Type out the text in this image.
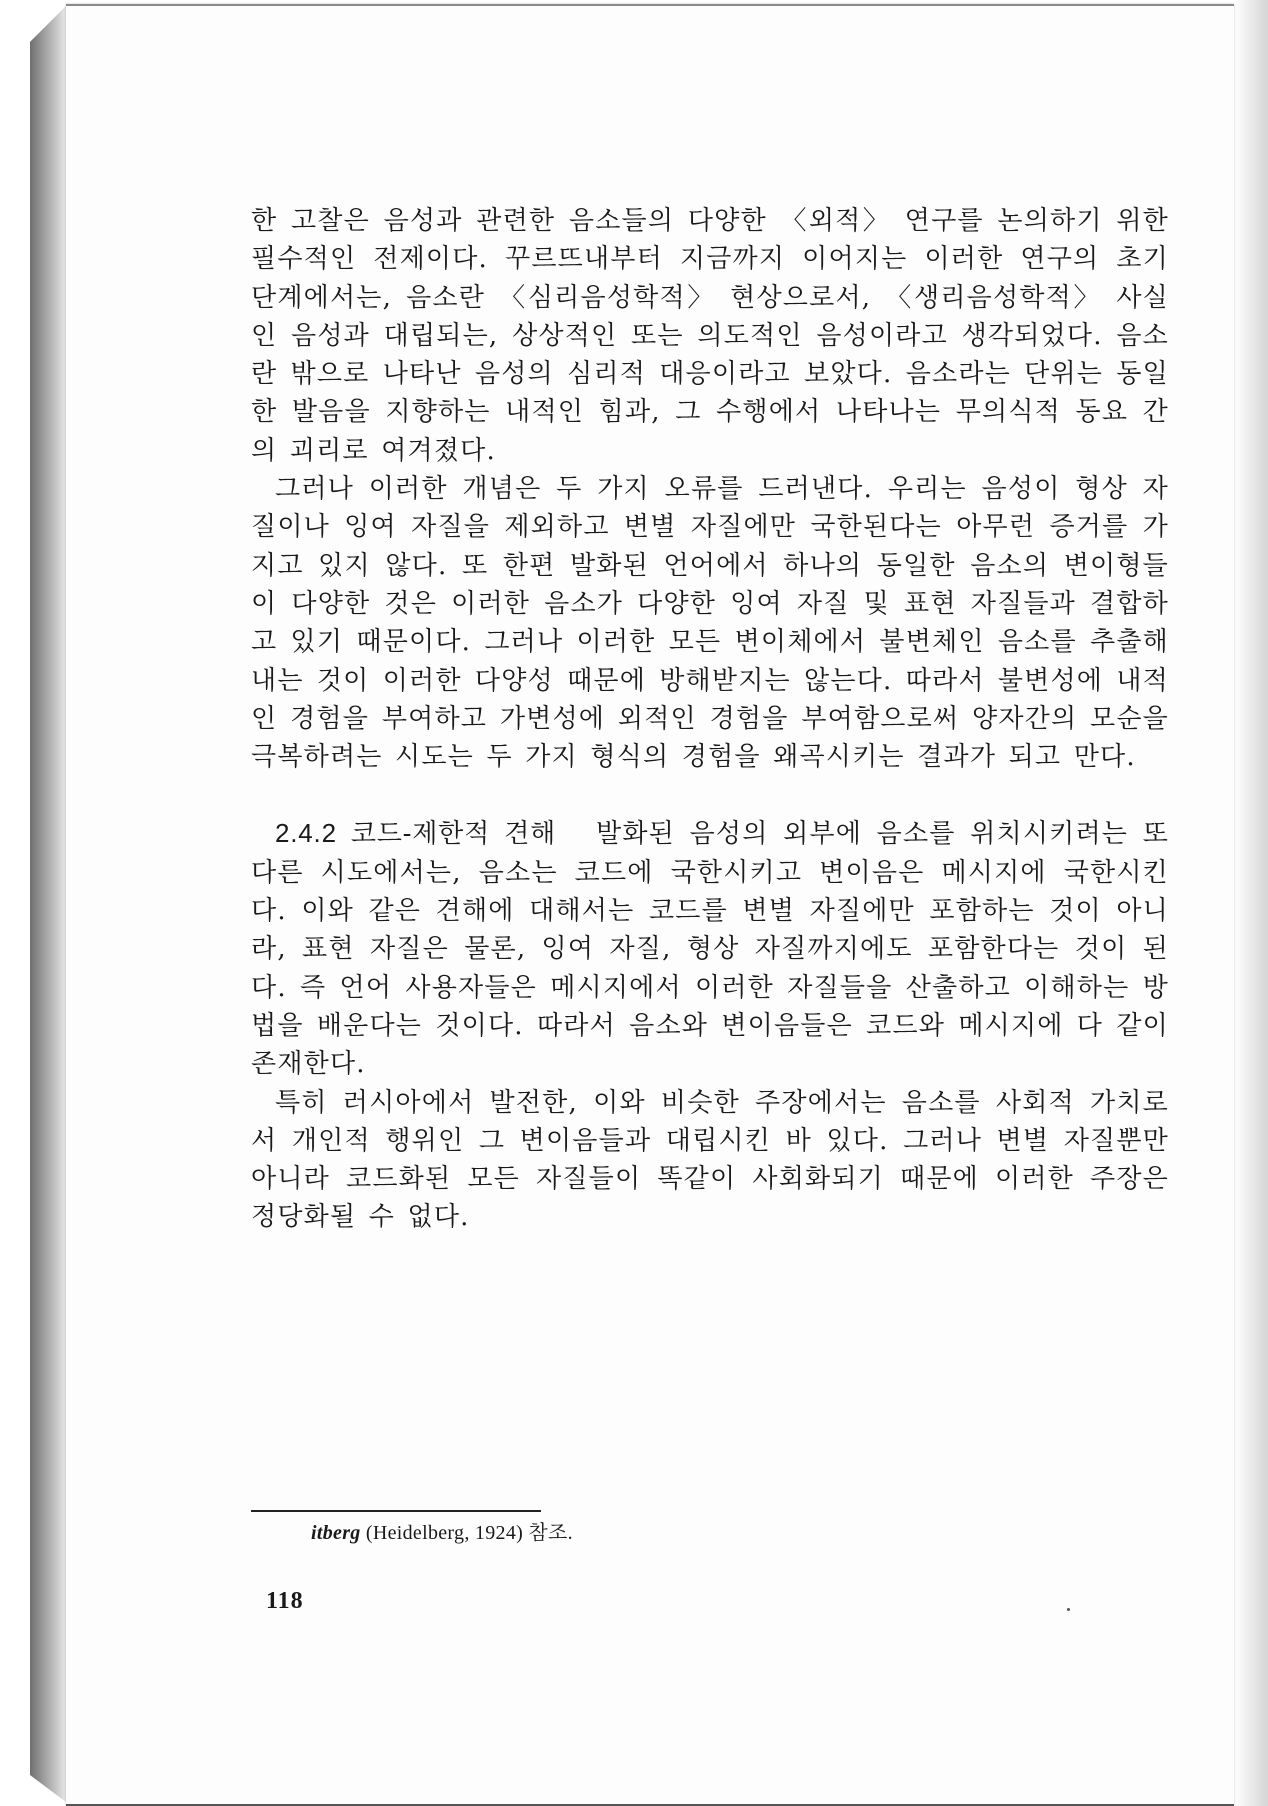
한 고찰은 음성과 관련한 음소들의 다양한 〈외적〉 연구를 논의하기 위한 필수적인 전제이다. 꾸르뜨내부터 지금까지 이어지는 이러한 연구의 초기 단계에서는, 음소란 〈심리음성학적〉 현상으로서, 〈생리음성학적〉 사실인 음성과 대립되는, 상상적인 또는 의도적인 음성이라고 생각되었다. 음소란 밖으로 나타난 음성의 심리적 대응이라고 보았다. 음소라는 단위는 동일한 발음을 지향하는 내적인 힘과, 그 수행에서 나타나는 무의식적 동요 간의 괴리로 여겨졌다.

그러나 이러한 개념은 두 가지 오류를 드러낸다. 우리는 음성이 형상 자질이나 잉여 자질을 제외하고 변별 자질에만 국한된다는 아무런 증거를 가지고 있지 않다. 또 한편 발화된 언어에서 하나의 동일한 음소의 변이형들이 다양한 것은 이러한 음소가 다양한 잉여 자질 및 표현 자질들과 결합하고 있기 때문이다. 그러나 이러한 모든 변이체에서 불변체인 음소를 추출해 내는 것이 이러한 다양성 때문에 방해받지는 않는다. 따라서 불변성에 내적인 경험을 부여하고 가변성에 외적인 경험을 부여함으로써 양자간의 모순을 극복하려는 시도는 두 가지 형식의 경험을 왜곡시키는 결과가 되고 만다.

2.4.2 코드-제한적 견해 발화된 음성의 외부에 음소를 위치시키려는 또 다른 시도에서는, 음소는 코드에 국한시키고 변이음은 메시지에 국한시킨다. 이와 같은 견해에 대해서는 코드를 변별 자질에만 포함하는 것이 아니라, 표현 자질은 물론, 잉여 자질, 형상 자질까지에도 포함한다는 것이 된다. 즉 언어 사용자들은 메시지에서 이러한 자질들을 산출하고 이해하는 방법을 배운다는 것이다. 따라서 음소와 변이음들은 코드와 메시지에 다 같이 존재한다.

특히 러시아에서 발전한, 이와 비슷한 주장에서는 음소를 사회적 가치로서 개인적 행위인 그 변이음들과 대립시킨 바 있다. 그러나 변별 자질뿐만 아니라 코드화된 모든 자질들이 똑같이 사회화되기 때문에 이러한 주장은 정당화될 수 없다.

itberg (Heidelberg, 1924) 참조.
118
